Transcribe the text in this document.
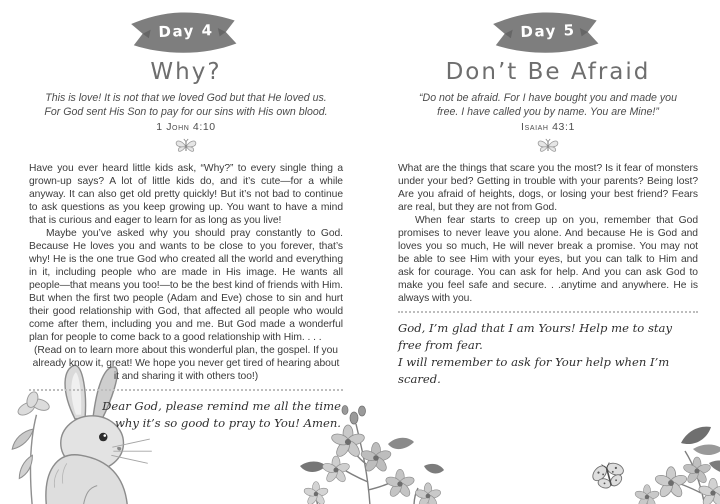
Day 4
Why?
This is love! It is not that we loved God but that He loved us.
For God sent His Son to pay for our sins with His own blood.
1 John 4:10

Have you ever heard little kids ask, “Why?” to every single thing a grown-up says? A lot of little kids do, and it’s cute—for a while anyway. It can also get old pretty quickly! But it’s not bad to continue to ask questions as you keep growing up. You want to have a mind that is curious and eager to learn for as long as you live!

Maybe you’ve asked why you should pray constantly to God. Because He loves you and wants to be close to you forever, that’s why! He is the one true God who created all the world and everything in it, including people who are made in His image. He wants all people—that means you too!—to be the best kind of friends with Him. But when the first two people (Adam and Eve) chose to sin and hurt their good relationship with God, that affected all people who would come after them, including you and me. But God made a wonderful plan for people to come back to a good relationship with Him. . . .

(Read on to learn more about this wonderful plan, the gospel. If you already know it, great! We hope you never get tired of hearing about it and sharing it with others too!)

Dear God, please remind me all the time
why it’s so good to pray to You! Amen.
Day 5
Don’t Be Afraid
“Do not be afraid. For I have bought you and made you
free. I have called you by name. You are Mine!”
Isaiah 43:1

What are the things that scare you the most? Is it fear of monsters under your bed? Getting in trouble with your parents? Being lost? Are you afraid of heights, dogs, or losing your best friend? Fears are real, but they are not from God.

When fear starts to creep up on you, remember that God promises to never leave you alone. And because He is God and loves you so much, He will never break a promise. You may not be able to see Him with your eyes, but you can talk to Him and ask for courage. You can ask for help. And you can ask God to make you feel safe and secure. . .anytime and anywhere. He is always with you.

God, I’m glad that I am Yours! Help me to stay free from fear.
I will remember to ask for Your help when I’m scared.
